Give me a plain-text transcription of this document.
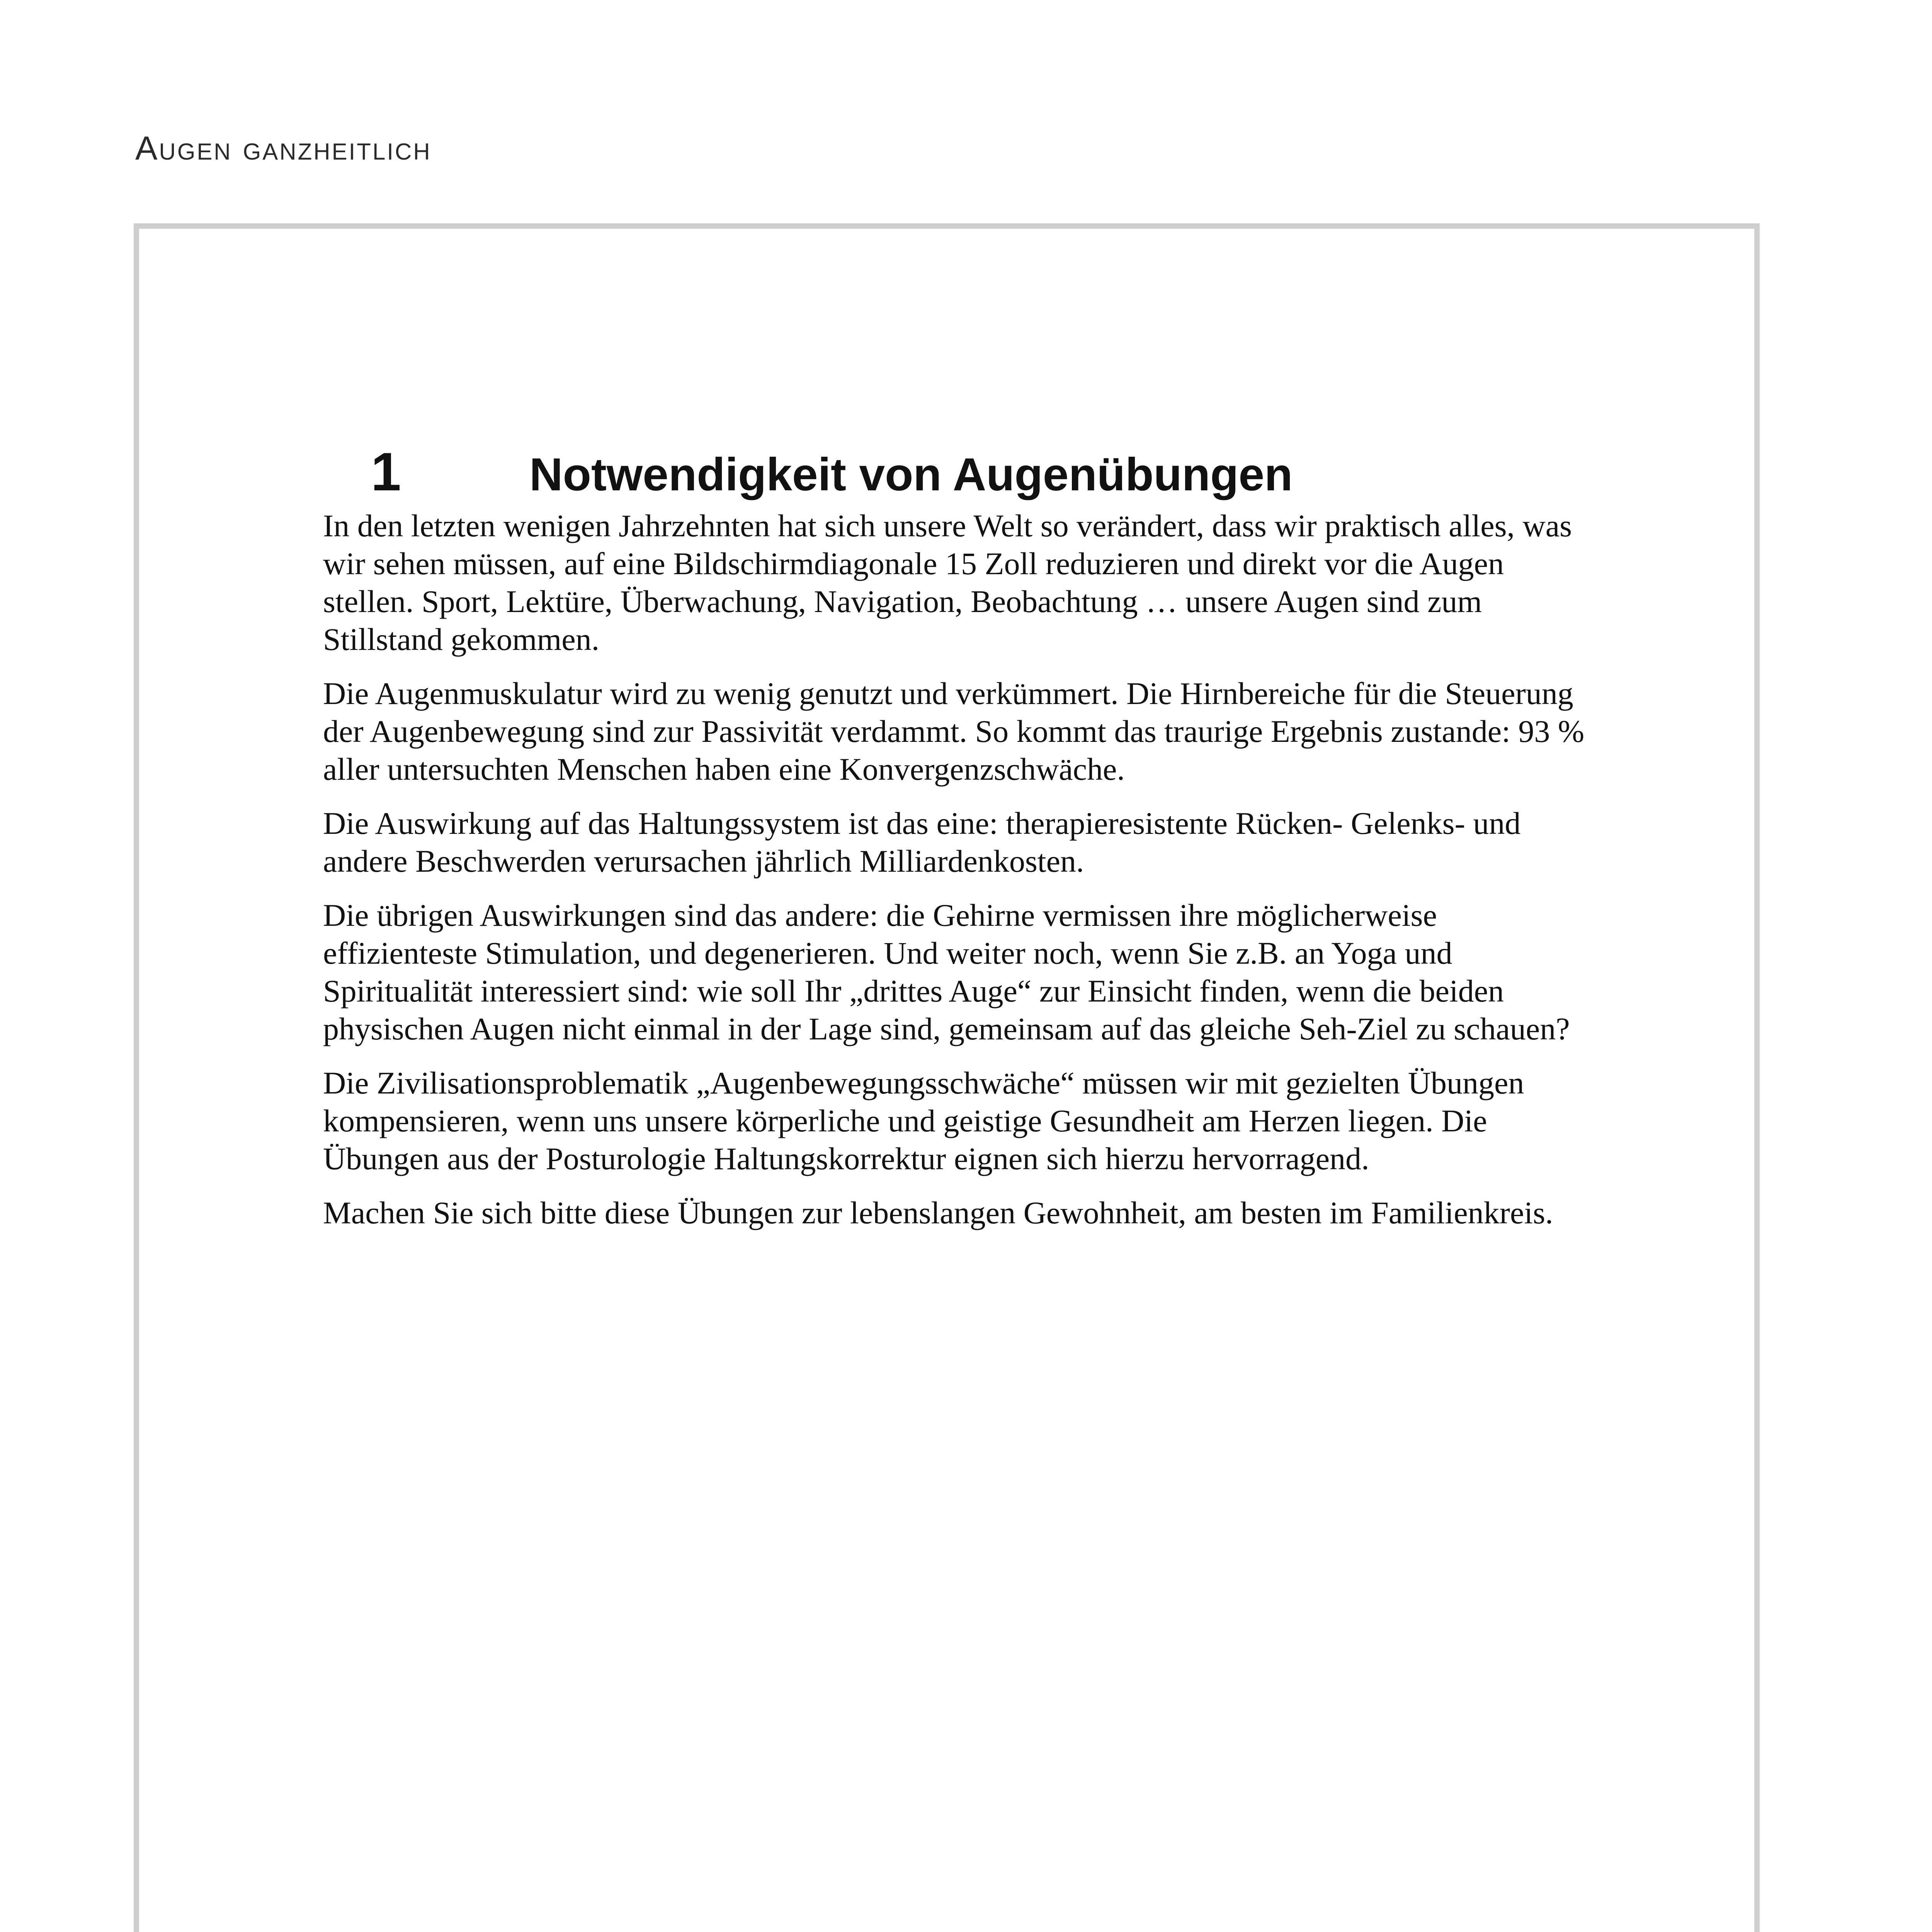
Augen ganzheitlich
1	Notwendigkeit von Augenübungen

In den letzten wenigen Jahrzehnten hat sich unsere Welt so verändert, dass wir praktisch alles, was wir sehen müssen, auf eine Bildschirmdiagonale 15 Zoll reduzieren und direkt vor die Augen stellen. Sport, Lektüre, Überwachung, Navigation, Beobachtung … unsere Augen sind zum Stillstand gekommen.

Die Augenmuskulatur wird zu wenig genutzt und verkümmert. Die Hirnbereiche für die Steuerung der Augenbewegung sind zur Passivität verdammt. So kommt das traurige Ergebnis zustande: 93 % aller untersuchten Menschen haben eine Konvergenzschwäche.

Die Auswirkung auf das Haltungssystem ist das eine: therapieresistente Rücken- Gelenks- und andere Beschwerden verursachen jährlich Milliardenkosten.

Die übrigen Auswirkungen sind das andere: die Gehirne vermissen ihre möglicherweise effizienteste Stimulation, und degenerieren. Und weiter noch, wenn Sie z.B. an Yoga und Spiritualität interessiert sind: wie soll Ihr „drittes Auge“ zur Einsicht finden, wenn die beiden physischen Augen nicht einmal in der Lage sind, gemeinsam auf das gleiche Seh-Ziel zu schauen?

Die Zivilisationsproblematik „Augenbewegungsschwäche“ müssen wir mit gezielten Übungen kompensieren, wenn uns unsere körperliche und geistige Gesundheit am Herzen liegen. Die Übungen aus der Posturologie Haltungskorrektur eignen sich hierzu hervorragend.

Machen Sie sich bitte diese Übungen zur lebenslangen Gewohnheit, am besten im Familienkreis.
